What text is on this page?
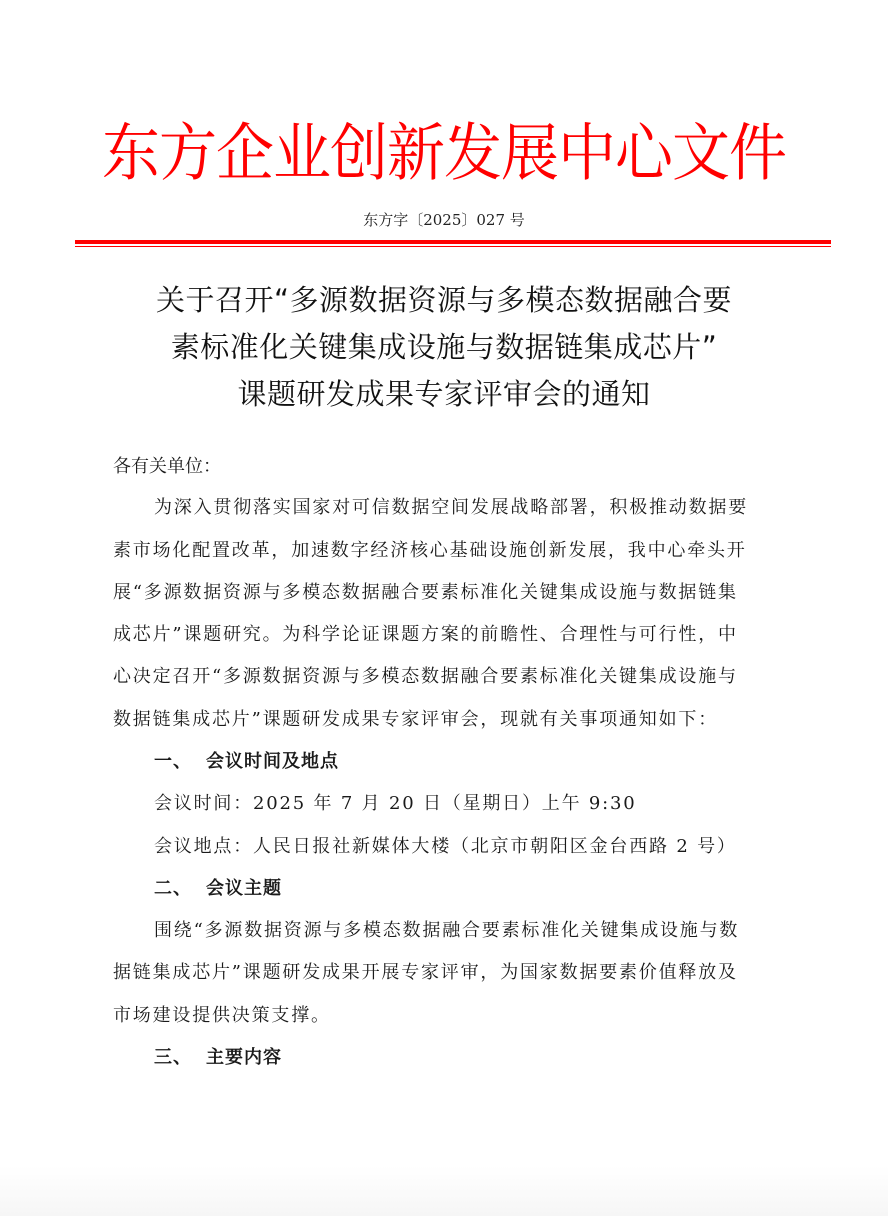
东方企业创新发展中心文件
东方字〔2025〕027 号
关于召开“多源数据资源与多模态数据融合要
素标准化关键集成设施与数据链集成芯片”
课题研发成果专家评审会的通知
各有关单位：
为深入贯彻落实国家对可信数据空间发展战略部署，积极推动数据要
素市场化配置改革，加速数字经济核心基础设施创新发展，我中心牵头开
展“多源数据资源与多模态数据融合要素标准化关键集成设施与数据链集
成芯片”课题研究。为科学论证课题方案的前瞻性、合理性与可行性，中
心决定召开“多源数据资源与多模态数据融合要素标准化关键集成设施与
数据链集成芯片”课题研发成果专家评审会，现就有关事项通知如下：
一、 会议时间及地点
会议时间：2025 年 7 月 20 日（星期日）上午 9:30
会议地点：人民日报社新媒体大楼（北京市朝阳区金台西路 2 号）
二、 会议主题
围绕“多源数据资源与多模态数据融合要素标准化关键集成设施与数
据链集成芯片”课题研发成果开展专家评审，为国家数据要素价值释放及
市场建设提供决策支撑。
三、 主要内容
